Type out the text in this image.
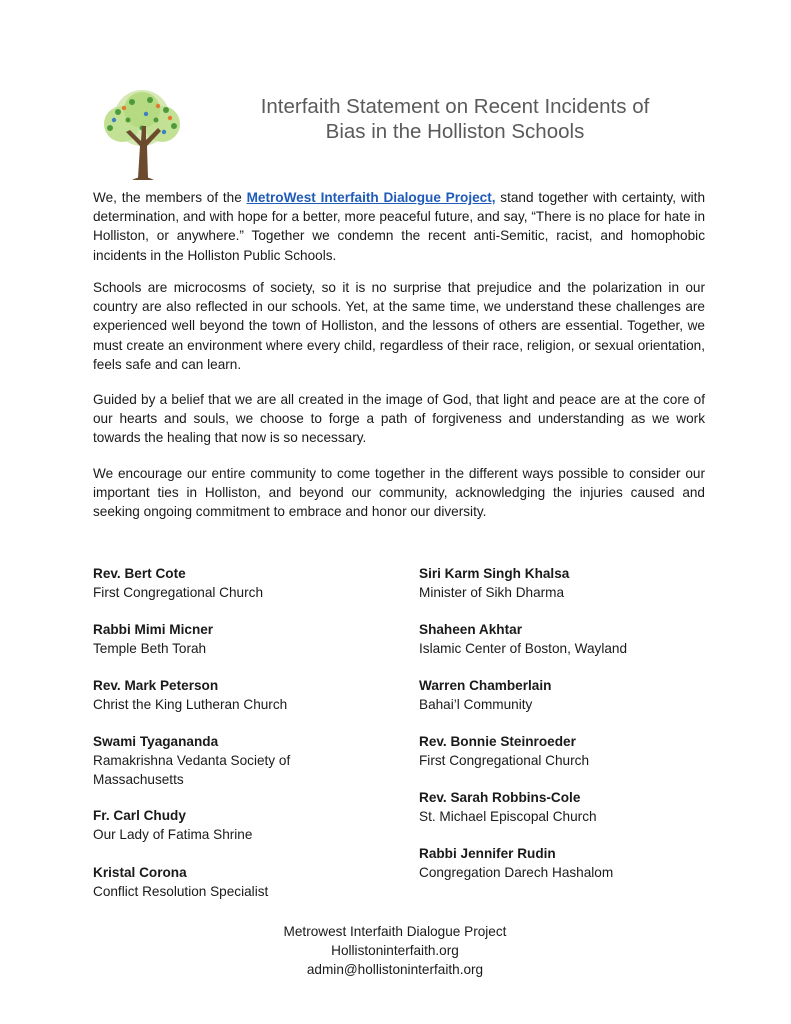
Interfaith Statement on Recent Incidents of
Bias in the Holliston Schools

We, the members of the MetroWest Interfaith Dialogue Project, stand together with certainty, with determination, and with hope for a better, more peaceful future, and say, “There is no place for hate in Holliston, or anywhere.” Together we condemn the recent anti-Semitic, racist, and homophobic incidents in the Holliston Public Schools.

Schools are microcosms of society, so it is no surprise that prejudice and the polarization in our country are also reflected in our schools. Yet, at the same time, we understand these challenges are experienced well beyond the town of Holliston, and the lessons of others are essential. Together, we must create an environment where every child, regardless of their race, religion, or sexual orientation, feels safe and can learn.

Guided by a belief that we are all created in the image of God, that light and peace are at the core of our hearts and souls, we choose to forge a path of forgiveness and understanding as we work towards the healing that now is so necessary.

We encourage our entire community to come together in the different ways possible to consider our important ties in Holliston, and beyond our community, acknowledging the injuries caused and seeking ongoing commitment to embrace and honor our diversity.

Rev. Bert Cote
First Congregational Church
Rabbi Mimi Micner
Temple Beth Torah
Rev. Mark Peterson
Christ the King Lutheran Church
Swami Tyagananda
Ramakrishna Vedanta Society of Massachusetts
Fr. Carl Chudy
Our Lady of Fatima Shrine
Kristal Corona
Conflict Resolution Specialist
Siri Karm Singh Khalsa
Minister of Sikh Dharma
Shaheen Akhtar
Islamic Center of Boston, Wayland
Warren Chamberlain
Bahai’l Community
Rev. Bonnie Steinroeder
First Congregational Church
Rev. Sarah Robbins-Cole
St. Michael Episcopal Church
Rabbi Jennifer Rudin
Congregation Darech Hashalom
Metrowest Interfaith Dialogue Project
Hollistoninterfaith.org
admin@hollistoninterfaith.org
